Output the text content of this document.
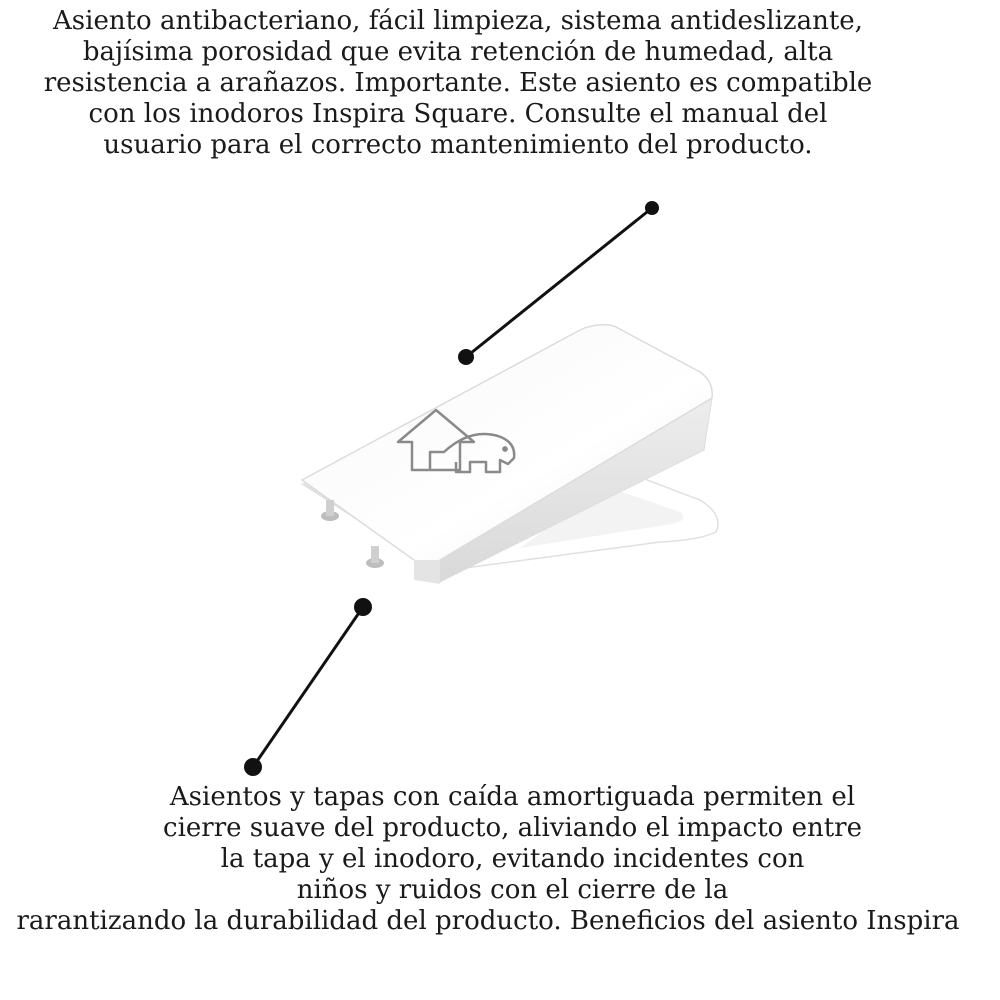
Asiento antibacteriano, fácil limpieza, sistema antideslizante,
bajísima porosidad que evita retención de humedad, alta
resistencia a arañazos. Importante. Este asiento es compatible
con los inodoros Inspira Square. Consulte el manual del
usuario para el correcto mantenimiento del producto.
Asientos y tapas con caída amortiguada permiten el
cierre suave del producto, aliviando el impacto entre
la tapa y el inodoro, evitando incidentes con
niños y ruidos con el cierre de la
rarantizando la durabilidad del producto. Beneficios del asiento Inspira
